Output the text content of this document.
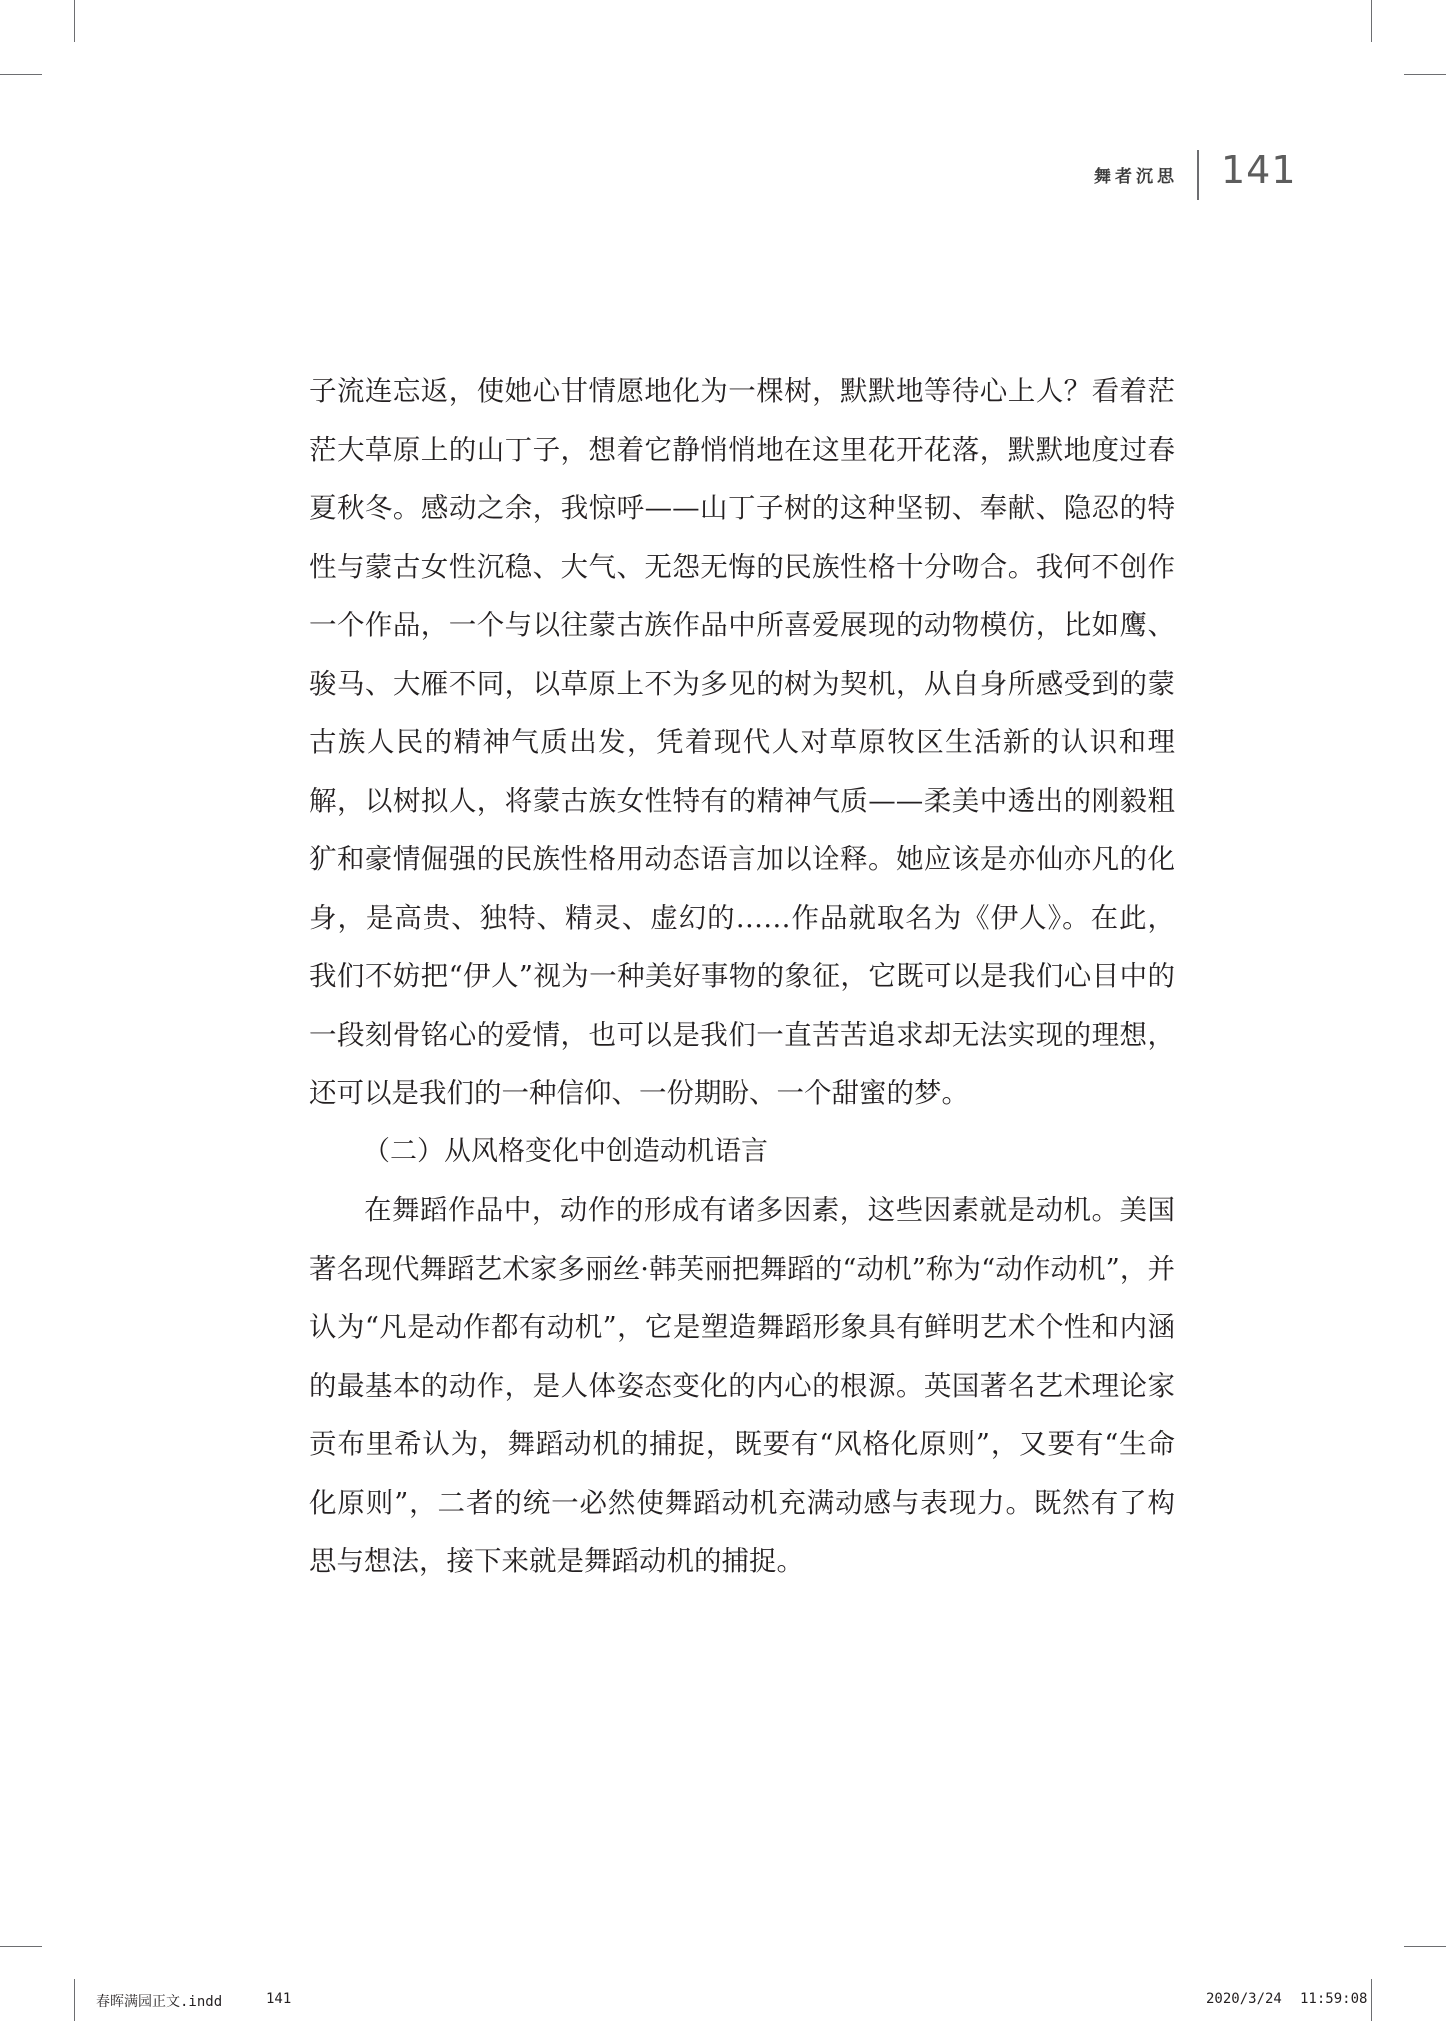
舞者沉思 141

子流连忘返，使她心甘情愿地化为一棵树，默默地等待心上人？看着茫茫大草原上的山丁子，想着它静悄悄地在这里花开花落，默默地度过春夏秋冬。感动之余，我惊呼——山丁子树的这种坚韧、奉献、隐忍的特性与蒙古女性沉稳、大气、无怨无悔的民族性格十分吻合。我何不创作一个作品，一个与以往蒙古族作品中所喜爱展现的动物模仿，比如鹰、骏马、大雁不同，以草原上不为多见的树为契机，从自身所感受到的蒙古族人民的精神气质出发，凭着现代人对草原牧区生活新的认识和理解，以树拟人，将蒙古族女性特有的精神气质——柔美中透出的刚毅粗犷和豪情倔强的民族性格用动态语言加以诠释。她应该是亦仙亦凡的化身，是高贵、独特、精灵、虚幻的……作品就取名为《伊人》。在此，我们不妨把“伊人”视为一种美好事物的象征，它既可以是我们心目中的一段刻骨铭心的爱情，也可以是我们一直苦苦追求却无法实现的理想，还可以是我们的一种信仰、一份期盼、一个甜蜜的梦。

（二）从风格变化中创造动机语言

在舞蹈作品中，动作的形成有诸多因素，这些因素就是动机。美国著名现代舞蹈艺术家多丽丝·韩芙丽把舞蹈的“动机”称为“动作动机”，并认为“凡是动作都有动机”，它是塑造舞蹈形象具有鲜明艺术个性和内涵的最基本的动作，是人体姿态变化的内心的根源。英国著名艺术理论家贡布里希认为，舞蹈动机的捕捉，既要有“风格化原则”，又要有“生命化原则”，二者的统一必然使舞蹈动机充满动感与表现力。既然有了构思与想法，接下来就是舞蹈动机的捕捉。

春晖满园正文.indd	141	2020/3/24 11:59:08
